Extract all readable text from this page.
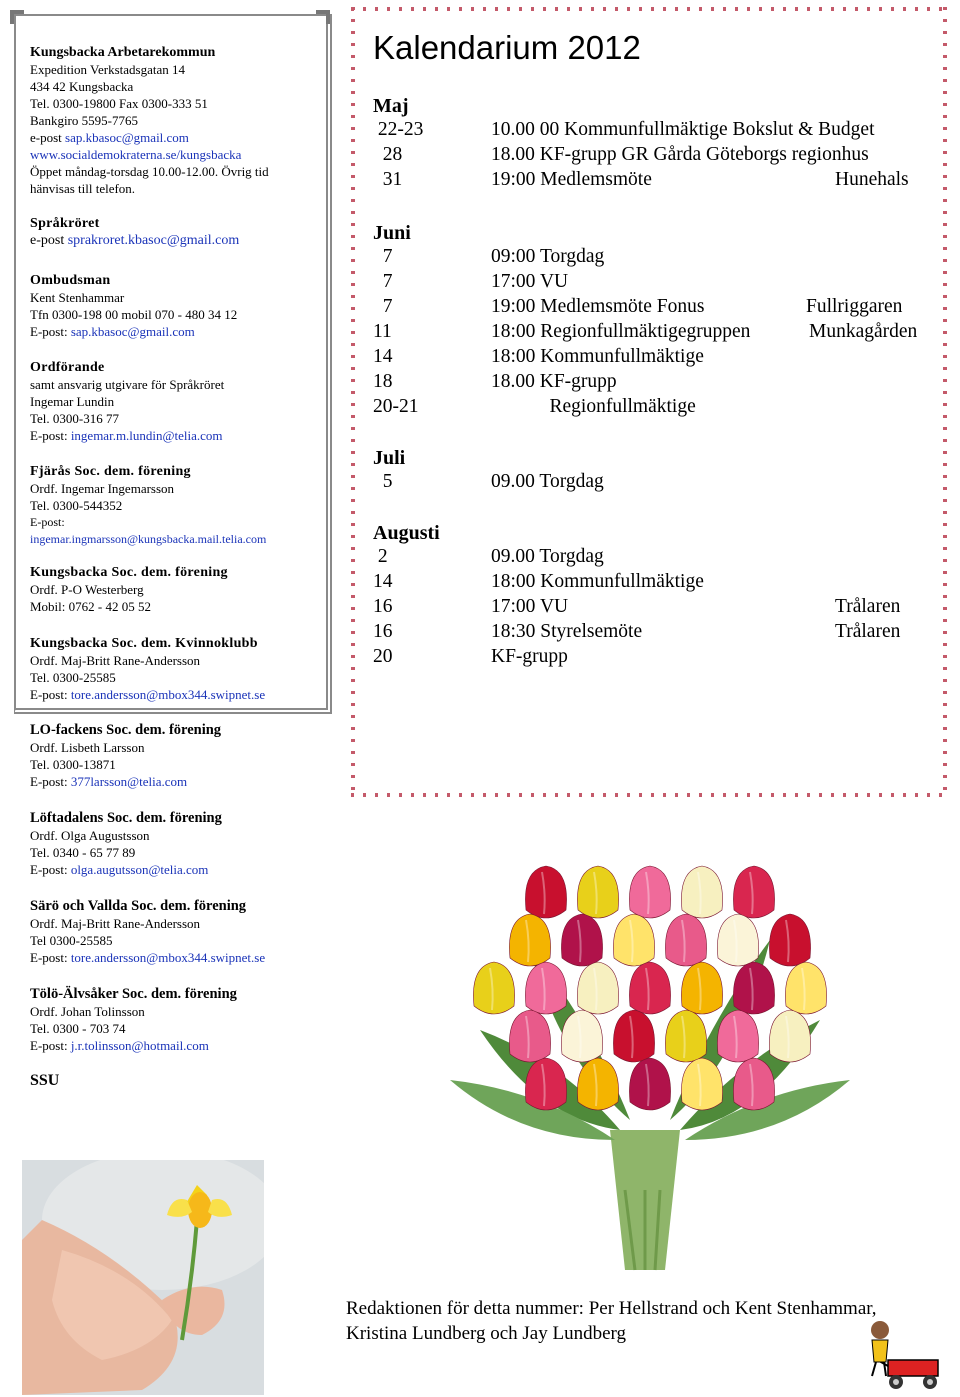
Kungsbacka Arbetarekommun
Expedition Verkstadsgatan 14
434 42 Kungsbacka
Tel. 0300-19800 Fax 0300-333 51
Bankgiro 5595-7765
e-post sap.kbasoc@gmail.com
www.socialdemokraterna.se/kungsbacka
Öppet måndag-torsdag 10.00-12.00. Övrig tid
hänvisas till telefon.
Språkröret
e-post sprakroret.kbasoc@gmail.com
Ombudsman
Kent Stenhammar
Tfn 0300-198 00 mobil 070 - 480 34 12
E-post: sap.kbasoc@gmail.com
Ordförande
samt ansvarig utgivare för Språkröret
Ingemar Lundin
Tel. 0300-316 77
E-post: ingemar.m.lundin@telia.com
Fjärås Soc. dem. förening
Ordf. Ingemar Ingemarsson
Tel. 0300-544352
E-post:
ingemar.ingmarsson@kungsbacka.mail.telia.com
Kungsbacka Soc. dem. förening
Ordf. P-O Westerberg
Mobil: 0762 - 42 05 52
Kungsbacka Soc. dem. Kvinnoklubb
Ordf. Maj-Britt Rane-Andersson
Tel. 0300-25585
E-post: tore.andersson@mbox344.swipnet.se
LO-fackens Soc. dem. förening
Ordf. Lisbeth Larsson
Tel. 0300-13871
E-post: 377larsson@telia.com
Löftadalens Soc. dem. förening
Ordf. Olga Augustsson
Tel. 0340 - 65 77 89
E-post: olga.augutsson@telia.com
Särö och Vallda Soc. dem. förening
Ordf. Maj-Britt Rane-Andersson
Tel 0300-25585
E-post: tore.andersson@mbox344.swipnet.se
Tölö-Älvsåker Soc. dem. förening
Ordf. Johan Tolinsson
Tel. 0300 - 703 74
E-post: j.r.tolinsson@hotmail.com
SSU
Kalendarium 2012
Maj
22-23	10.00 00 Kommunfullmäktige Bokslut & Budget
28	18.00 KF-grupp GR Gårda Göteborgs regionhus
31	19:00 Medlemsmöte	Hunehals
Juni
7	09:00 Torgdag
7	17:00 VU
7	19:00 Medlemsmöte Fonus	Fullriggaren
11	18:00 Regionfullmäktigegruppen	Munkagården
14	18:00 Kommunfullmäktige
18	18.00 KF-grupp
20-21	Regionfullmäktige
Juli
5	09.00 Torgdag
Augusti
2	09.00 Torgdag
14	18:00 Kommunfullmäktige
16	17:00 VU	Trålaren
16	18:30 Styrelsemöte	Trålaren
20	KF-grupp
Redaktionen för detta nummer: Per Hellstrand och Kent Stenhammar, Kristina Lundberg och Jay Lundberg
